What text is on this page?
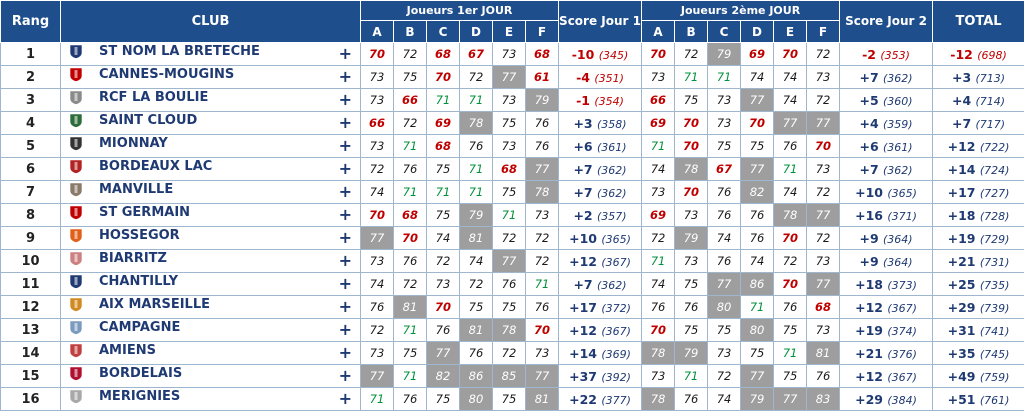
Rang	CLUB	Joueurs 1er JOUR						Score Jour 1	Joueurs 2ème JOUR						Score Jour 2	TOTAL
		A	B	C	D	E	F		A	B	C	D	E	F		
1	ST NOM LA BRETECHE +	70	72	68	67	73	68	-10 (345)	70	72	79	69	70	72	-2 (353)	-12 (698)
2	CANNES-MOUGINS +	73	75	70	72	77	61	-4 (351)	73	71	71	74	74	73	+7 (362)	+3 (713)
3	RCF LA BOULIE +	73	66	71	71	73	79	-1 (354)	66	75	73	77	74	72	+5 (360)	+4 (714)
4	SAINT CLOUD +	66	72	69	78	75	76	+3 (358)	69	70	73	70	77	77	+4 (359)	+7 (717)
5	MIONNAY +	73	71	68	76	73	76	+6 (361)	71	70	75	75	76	70	+6 (361)	+12 (722)
6	BORDEAUX LAC +	72	76	75	71	68	77	+7 (362)	74	78	67	77	71	73	+7 (362)	+14 (724)
7	MANVILLE +	74	71	71	71	75	78	+7 (362)	73	70	76	82	74	72	+10 (365)	+17 (727)
8	ST GERMAIN +	70	68	75	79	71	73	+2 (357)	69	73	76	76	78	77	+16 (371)	+18 (728)
9	HOSSEGOR +	77	70	74	81	72	72	+10 (365)	72	79	74	76	70	72	+9 (364)	+19 (729)
10	BIARRITZ +	73	76	72	74	77	72	+12 (367)	71	73	76	74	72	73	+9 (364)	+21 (731)
11	CHANTILLY +	74	72	73	72	76	71	+7 (362)	74	75	77	86	70	77	+18 (373)	+25 (735)
12	AIX MARSEILLE +	76	81	70	75	75	76	+17 (372)	76	76	80	71	76	68	+12 (367)	+29 (739)
13	CAMPAGNE +	72	71	76	81	78	70	+12 (367)	70	75	75	80	75	73	+19 (374)	+31 (741)
14	AMIENS +	73	75	77	76	72	73	+14 (369)	78	79	73	75	71	81	+21 (376)	+35 (745)
15	BORDELAIS +	77	71	82	86	85	77	+37 (392)	73	71	72	77	75	76	+12 (367)	+49 (759)
16	MERIGNIES +	71	76	75	80	75	81	+22 (377)	78	76	74	79	77	83	+29 (384)	+51 (761)
